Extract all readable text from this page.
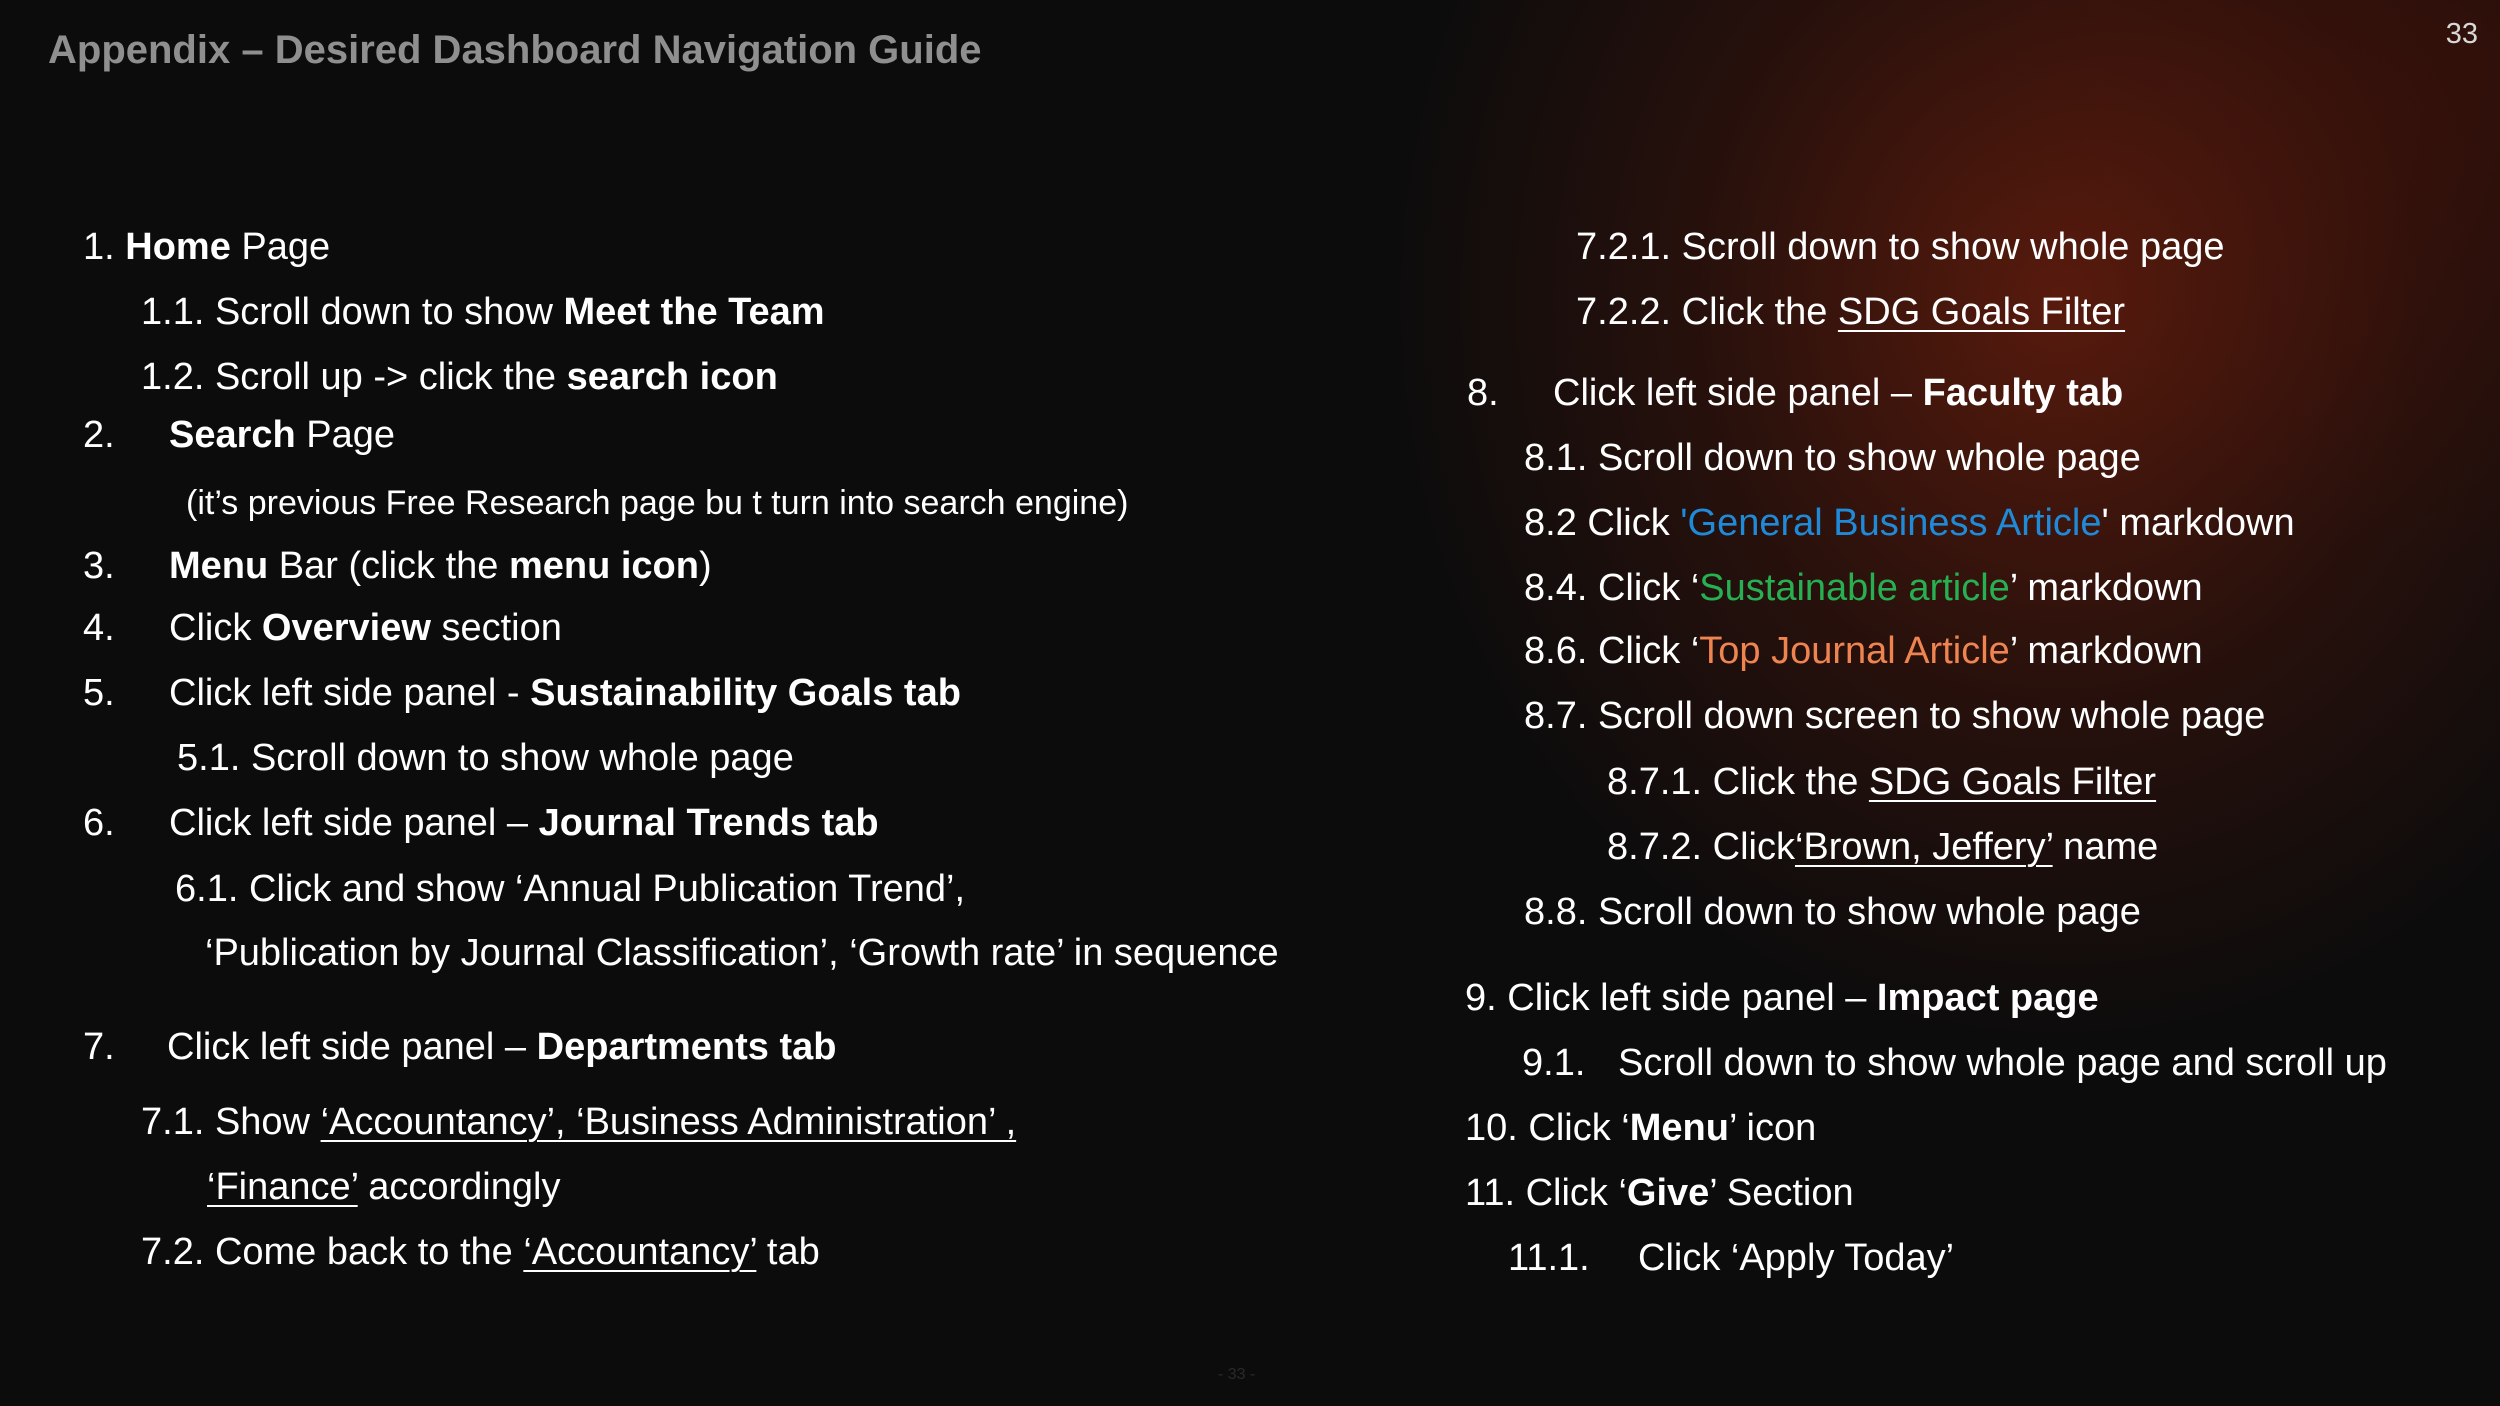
Appendix – Desired Dashboard Navigation Guide	33
1. Home Page
1.1. Scroll down to show Meet the Team
1.2. Scroll up -> click the search icon
2. Search Page
(it’s previous Free Research page bu t turn into search engine)
3. Menu Bar (click the menu icon)
4. Click Overview section
5. Click left side panel - Sustainability Goals tab
5.1. Scroll down to show whole page
6. Click left side panel – Journal Trends tab
6.1. Click and show ‘Annual Publication Trend’,
‘Publication by Journal Classification’, ‘Growth rate’ in sequence
7. Click left side panel – Departments tab
7.1. Show ‘Accountancy’, ‘Business Administration’ ,
‘Finance’ accordingly
7.2. Come back to the ‘Accountancy’ tab
7.2.1. Scroll down to show whole page
7.2.2. Click the SDG Goals Filter
8. Click left side panel – Faculty tab
8.1. Scroll down to show whole page
8.2 Click 'General Business Article' markdown
8.4. Click ‘Sustainable article’ markdown
8.6. Click ‘Top Journal Article’ markdown
8.7. Scroll down screen to show whole page
8.7.1. Click the SDG Goals Filter
8.7.2. Click‘Brown, Jeffery’ name
8.8. Scroll down to show whole page
9. Click left side panel – Impact page
9.1. Scroll down to show whole page and scroll up
10. Click ‘Menu’ icon
11. Click ‘Give’ Section
11.1. Click ‘Apply Today’
- 33 -
